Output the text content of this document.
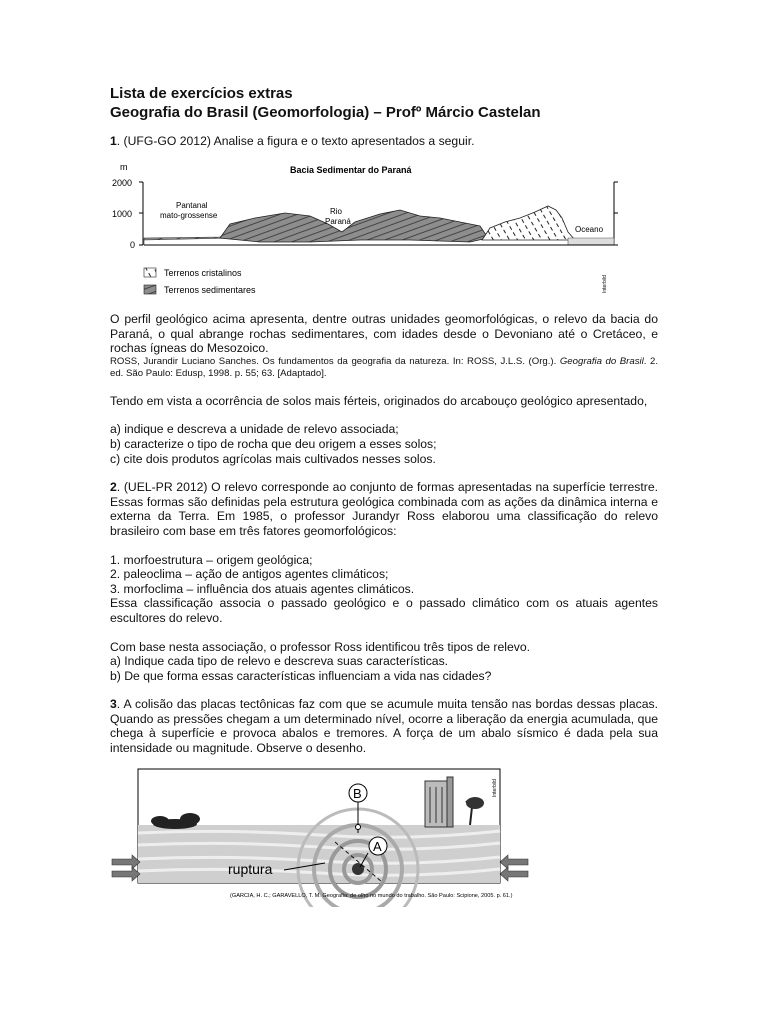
Lista de exercícios extras

Geografia do Brasil (Geomorfologia) – Profº Márcio Castelan

1. (UFG-GO 2012) Analise a figura e o texto apresentados a seguir.

m	Bacia Sedimentar do Paraná
2000
1000
0
Pantanal
mato-grossense	Rio
Paraná
Oceano
Terrenos cristalinos
Terrenos sedimentares	Interbild

O perfil geológico acima apresenta, dentre outras unidades geomorfológicas, o relevo da bacia do Paraná, o qual abrange rochas sedimentares, com idades desde o Devoniano até o Cretáceo, e rochas ígneas do Mesozoico.

ROSS, Jurandir Luciano Sanches. Os fundamentos da geografia da natureza. In: ROSS, J.L.S. (Org.). Geografia do Brasil. 2. ed. São Paulo: Edusp, 1998. p. 55; 63. [Adaptado].

Tendo em vista a ocorrência de solos mais férteis, originados do arcabouço geológico apresentado,

a) indique e descreva a unidade de relevo associada;

b) caracterize o tipo de rocha que deu origem a esses solos;

c) cite dois produtos agrícolas mais cultivados nesses solos.

2. (UEL-PR 2012) O relevo corresponde ao conjunto de formas apresentadas na superfície terrestre. Essas formas são definidas pela estrutura geológica combinada com as ações da dinâmica interna e externa da Terra. Em 1985, o professor Jurandyr Ross elaborou uma classificação do relevo brasileiro com base em três fatores geomorfológicos:

1. morfoestrutura – origem geológica;

2. paleoclima – ação de antigos agentes climáticos;

3. morfoclima – influência dos atuais agentes climáticos.

Essa classificação associa o passado geológico e o passado climático com os atuais agentes escultores do relevo.

Com base nesta associação, o professor Ross identificou três tipos de relevo.

a) Indique cada tipo de relevo e descreva suas características.

b) De que forma essas características influenciam a vida nas cidades?

3. A colisão das placas tectônicas faz com que se acumule muita tensão nas bordas dessas placas. Quando as pressões chegam a um determinado nível, ocorre a liberação da energia acumulada, que chega à superfície e provoca abalos e tremores. A força de um abalo sísmico é dada pela sua intensidade ou magnitude. Observe o desenho.

B
A
ruptura
Interbild
(GARCIA, H. C.; GARAVELLO, T. M. Geografia: de olho no mundo do trabalho. São Paulo: Scipione, 2005. p. 61.)
